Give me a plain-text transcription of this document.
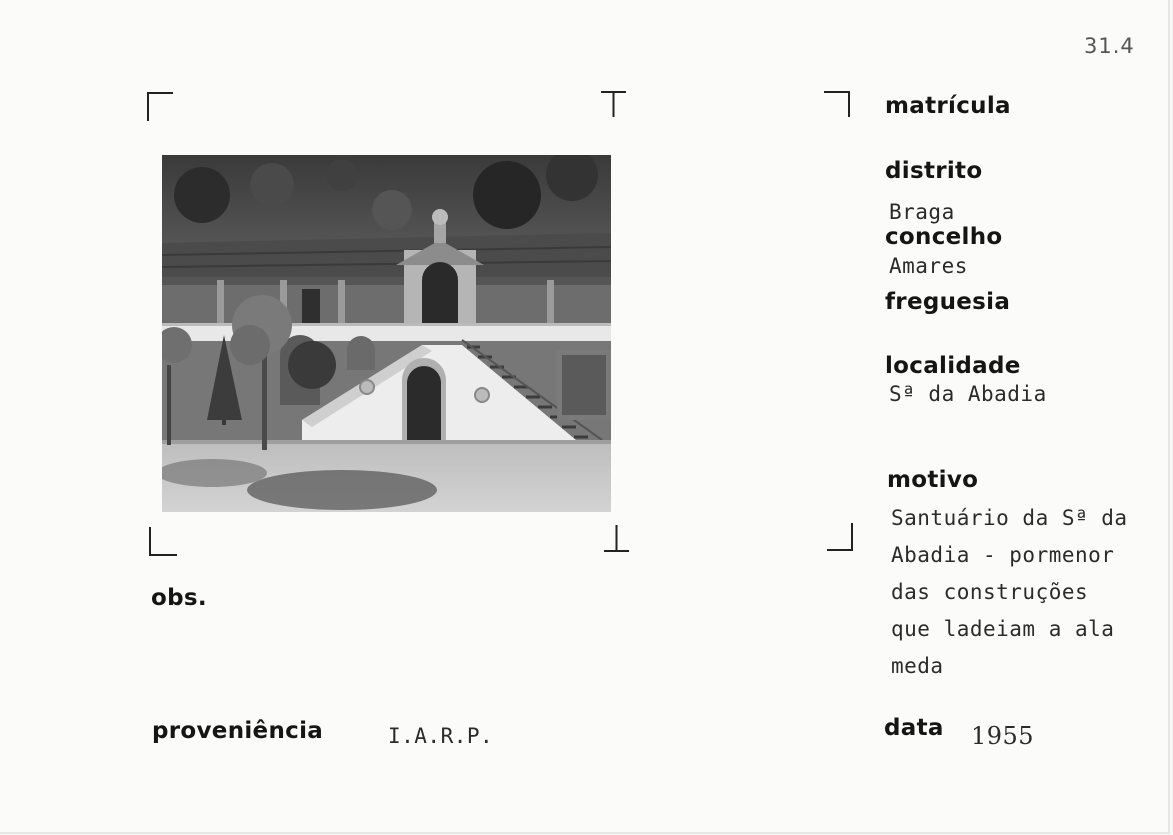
31.4
matrícula
distrito
Braga
concelho
Amares
freguesia
localidade
Sª da Abadia
motivo
Santuário da Sª da
Abadia - pormenor
das construções
que ladeiam a ala
meda
data 1955
obs.
proveniência	I.A.R.P.
